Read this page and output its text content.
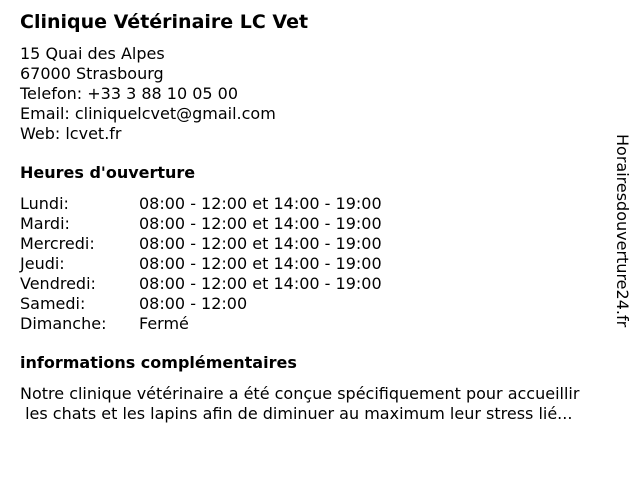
Clinique Vétérinaire LC Vet
15 Quai des Alpes
67000 Strasbourg
Telefon: +33 3 88 10 05 00
Email: cliniquelcvet@gmail.com
Web: lcvet.fr
Heures d'ouverture
Lundi:	08:00 - 12:00 et 14:00 - 19:00
Mardi:	08:00 - 12:00 et 14:00 - 19:00
Mercredi:	08:00 - 12:00 et 14:00 - 19:00
Jeudi:	08:00 - 12:00 et 14:00 - 19:00
Vendredi:	08:00 - 12:00 et 14:00 - 19:00
Samedi:	08:00 - 12:00
Dimanche: Fermé
informations complémentaires
Notre clinique vétérinaire a été conçue spécifiquement pour accueillir
les chats et les lapins afin de diminuer au maximum leur stress lié...
Horairesdouverture24.fr
